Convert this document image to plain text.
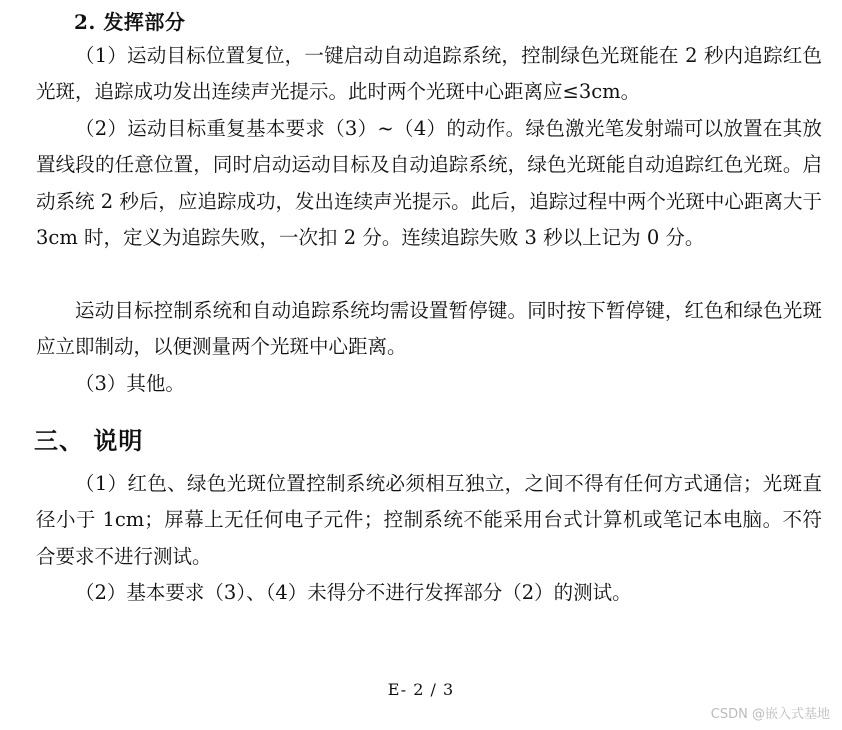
2. 发挥部分

（1）运动目标位置复位，一键启动自动追踪系统，控制绿色光斑能在 2 秒内追踪红色光斑，追踪成功发出连续声光提示。此时两个光斑中心距离应≤3cm。

（2）运动目标重复基本要求（3）~（4）的动作。绿色激光笔发射端可以放置在其放置线段的任意位置，同时启动运动目标及自动追踪系统，绿色光斑能自动追踪红色光斑。启动系统 2 秒后，应追踪成功，发出连续声光提示。此后，追踪过程中两个光斑中心距离大于 3cm 时，定义为追踪失败，一次扣 2 分。连续追踪失败 3 秒以上记为 0 分。

运动目标控制系统和自动追踪系统均需设置暂停键。同时按下暂停键，红色和绿色光斑应立即制动，以便测量两个光斑中心距离。

（3）其他。

三、 说明

（1）红色、绿色光斑位置控制系统必须相互独立，之间不得有任何方式通信；光斑直径小于 1cm；屏幕上无任何电子元件；控制系统不能采用台式计算机或笔记本电脑。不符合要求不进行测试。

（2）基本要求（3）、（4）未得分不进行发挥部分（2）的测试。

E- 2 / 3
CSDN @嵌入式基地
